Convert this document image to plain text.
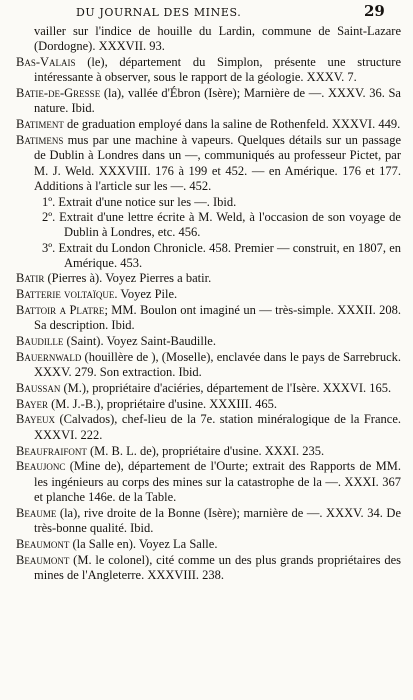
DU JOURNAL DES MINES.	29

vailler sur l'indice de houille du Lardin, commune de Saint-Lazare (Dordogne). XXXVII. 93.

Bas-Valais (le), département du Simplon, présente une structure intéressante à observer, sous le rapport de la géologie. XXXV. 7.

Batie-de-Gresse (la), vallée d'Ébron (Isère); Marnière de —. XXXV. 36. Sa nature. Ibid.

Batiment de graduation employé dans la saline de Rothenfeld. XXXVI. 449.

Batimens mus par une machine à vapeurs. Quelques détails sur un passage de Dublin à Londres dans un —, communiqués au professeur Pictet, par M. J. Weld. XXXVIII. 176 à 199 et 452. — en Amérique. 176 et 177. Additions à l'article sur les —. 452.

1º. Extrait d'une notice sur les —. Ibid.

2º. Extrait d'une lettre écrite à M. Weld, à l'occasion de son voyage de Dublin à Londres, etc. 456.

3º. Extrait du London Chronicle. 458. Premier — construit, en 1807, en Amérique. 453.

Batir (Pierres à). Voyez Pierres a batir.

Batterie voltaïque. Voyez Pile.

Battoir a Platre; MM. Boulon ont imaginé un — très-simple. XXXII. 208. Sa description. Ibid.

Baudille (Saint). Voyez Saint-Baudille.

Bauernwald (houillère de ), (Moselle), enclavée dans le pays de Sarrebruck. XXXV. 279. Son extraction. Ibid.

Baussan (M.), propriétaire d'aciéries, département de l'Isère. XXXVI. 165.

Bayer (M. J.-B.), propriétaire d'usine. XXXIII. 465.

Bayeux (Calvados), chef-lieu de la 7e. station minéralogique de la France. XXXVI. 222.

Beaufraifont (M. B. L. de), propriétaire d'usine. XXXI. 235.

Beaujonc (Mine de), département de l'Ourte; extrait des Rapports de MM. les ingénieurs au corps des mines sur la catastrophe de la —. XXXI. 367 et planche 146e. de la Table.

Beaume (la), rive droite de la Bonne (Isère); marnière de —. XXXV. 34. De très-bonne qualité. Ibid.

Beaumont (la Salle en). Voyez La Salle.

Beaumont (M. le colonel), cité comme un des plus grands propriétaires des mines de l'Angleterre. XXXVIII. 238.
